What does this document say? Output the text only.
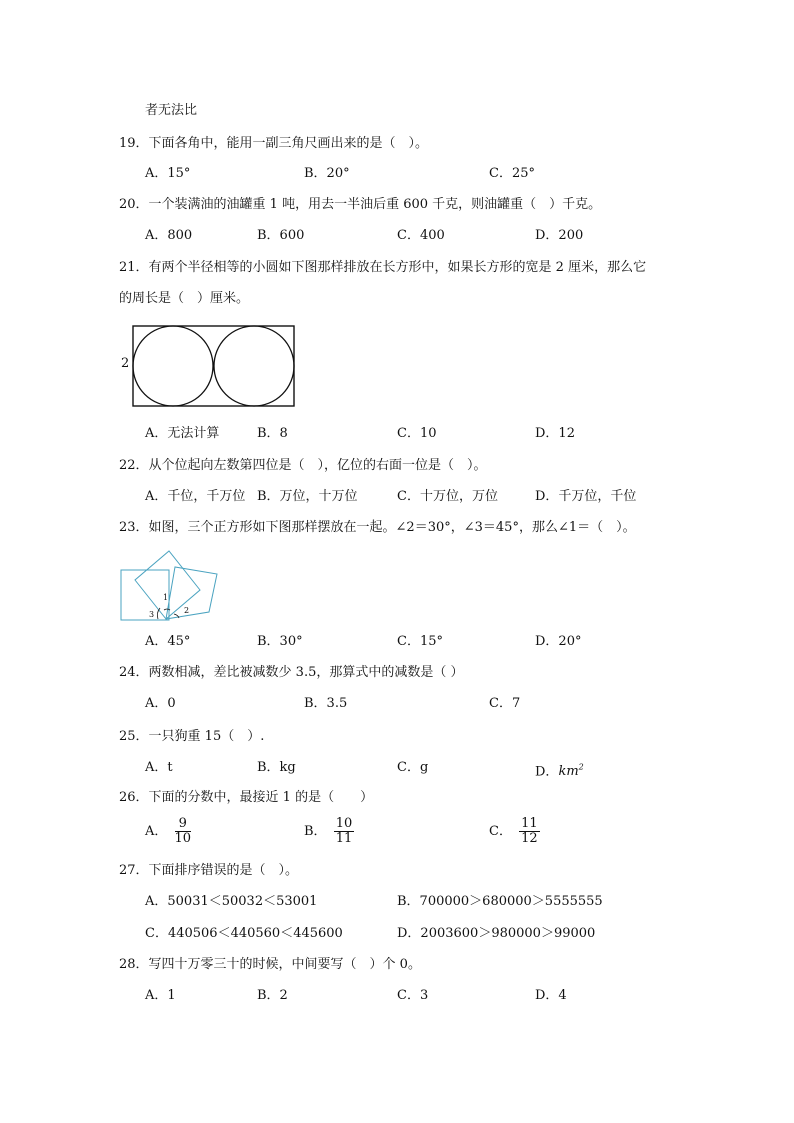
者无法比
19．下面各角中，能用一副三角尺画出来的是（　）。
A．15°	B．20°	C．25°
20．一个装满油的油罐重 1 吨，用去一半油后重 600 千克，则油罐重（　）千克。
A．800	B．600	C．400	D．200
21．有两个半径相等的小圆如下图那样排放在长方形中，如果长方形的宽是 2 厘米，那么它
的周长是（　）厘米。
2
A．无法计算	B．8	C．10	D．12
22．从个位起向左数第四位是（　），亿位的右面一位是（　）。
A．千位，千万位 B．万位，十万位	C．十万位，万位	D．千万位，千位
23．如图，三个正方形如下图那样摆放在一起。∠2＝30°，∠3＝45°，那么∠1＝（　）。
1
2
3
A．45°	B．30°	C．15°	D．20°
24．两数相减，差比被减数少 3.5，那算式中的减数是（ ）
A．0	B．3.5	C．7
25．一只狗重 15（　）.
A．t	B．kg	C．g	D．$km^2$
26．下面的分数中，最接近 1 的是（　　）
A． $\frac{9}{10}$	B． $\frac{10}{11}$	C． $\frac{11}{12}$
27．下面排序错误的是（　）。
A．50031＜50032＜53001	B．700000＞680000＞5555555
C．440506＜440560＜445600	D．2003600＞980000＞99000
28．写四十万零三十的时候，中间要写（　）个 0。
A．1	B．2	C．3	D．4
